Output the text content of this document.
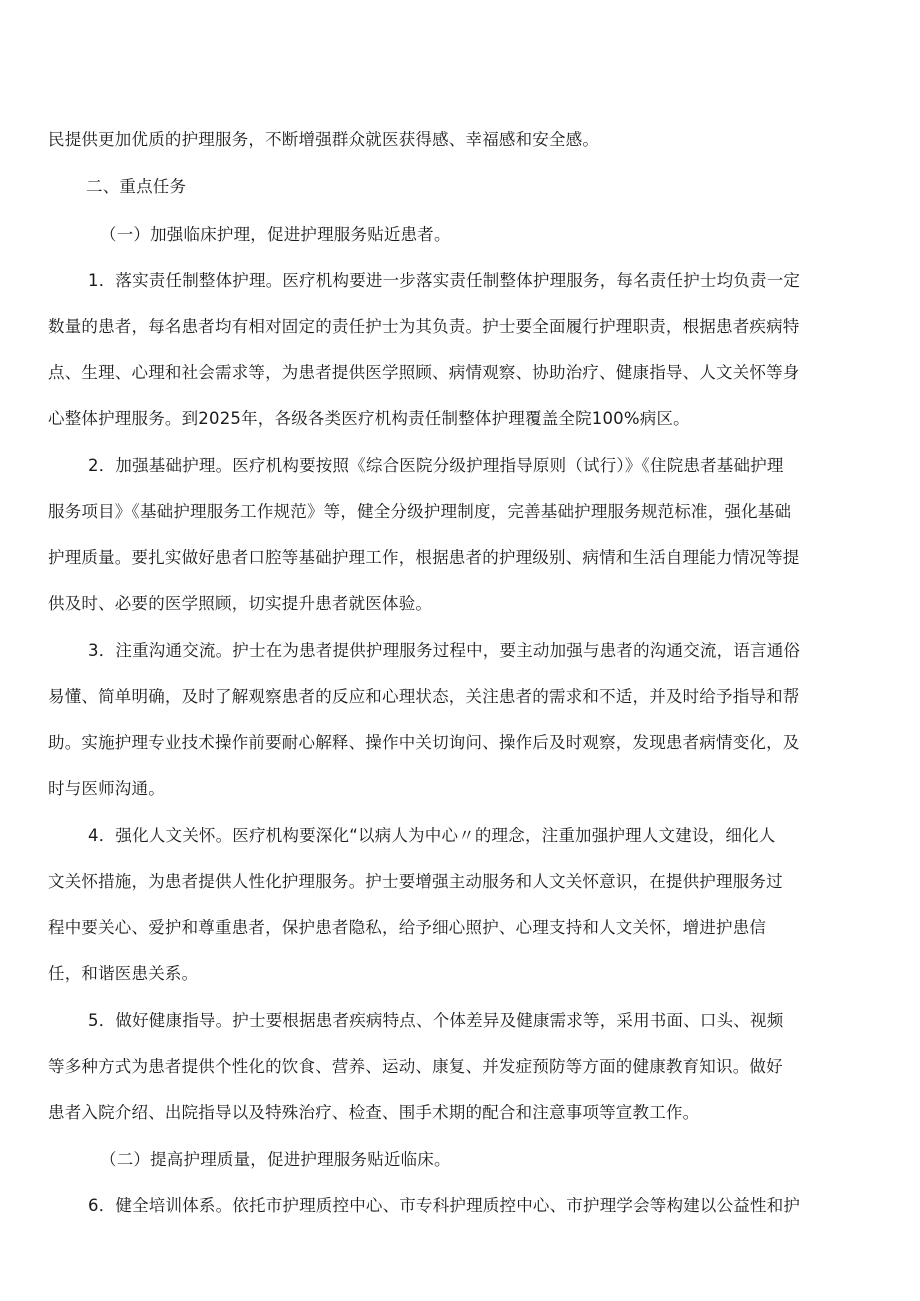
民提供更加优质的护理服务，不断增强群众就医获得感、幸福感和安全感。

二、重点任务

（一）加强临床护理，促进护理服务贴近患者。

1．落实责任制整体护理。医疗机构要进一步落实责任制整体护理服务，每名责任护士均负责一定

数量的患者，每名患者均有相对固定的责任护士为其负责。护士要全面履行护理职责，根据患者疾病特

点、生理、心理和社会需求等，为患者提供医学照顾、病情观察、协助治疗、健康指导、人文关怀等身

心整体护理服务。到2025年，各级各类医疗机构责任制整体护理覆盖全院100%病区。

2．加强基础护理。医疗机构要按照《综合医院分级护理指导原则（试行）》《住院患者基础护理

服务项目》《基础护理服务工作规范》等，健全分级护理制度，完善基础护理服务规范标准，强化基础

护理质量。要扎实做好患者口腔等基础护理工作，根据患者的护理级别、病情和生活自理能力情况等提

供及时、必要的医学照顾，切实提升患者就医体验。

3．注重沟通交流。护士在为患者提供护理服务过程中，要主动加强与患者的沟通交流，语言通俗

易懂、简单明确，及时了解观察患者的反应和心理状态，关注患者的需求和不适，并及时给予指导和帮

助。实施护理专业技术操作前要耐心解释、操作中关切询问、操作后及时观察，发现患者病情变化，及

时与医师沟通。

4．强化人文关怀。医疗机构要深化“以病人为中心〃的理念，注重加强护理人文建设，细化人

文关怀措施，为患者提供人性化护理服务。护士要增强主动服务和人文关怀意识，在提供护理服务过

程中要关心、爱护和尊重患者，保护患者隐私，给予细心照护、心理支持和人文关怀，增进护患信

任，和谐医患关系。

5．做好健康指导。护士要根据患者疾病特点、个体差异及健康需求等，采用书面、口头、视频

等多种方式为患者提供个性化的饮食、营养、运动、康复、并发症预防等方面的健康教育知识。做好

患者入院介绍、出院指导以及特殊治疗、检查、围手术期的配合和注意事项等宣教工作。

（二）提高护理质量，促进护理服务贴近临床。

6．健全培训体系。依托市护理质控中心、市专科护理质控中心、市护理学会等构建以公益性和护
